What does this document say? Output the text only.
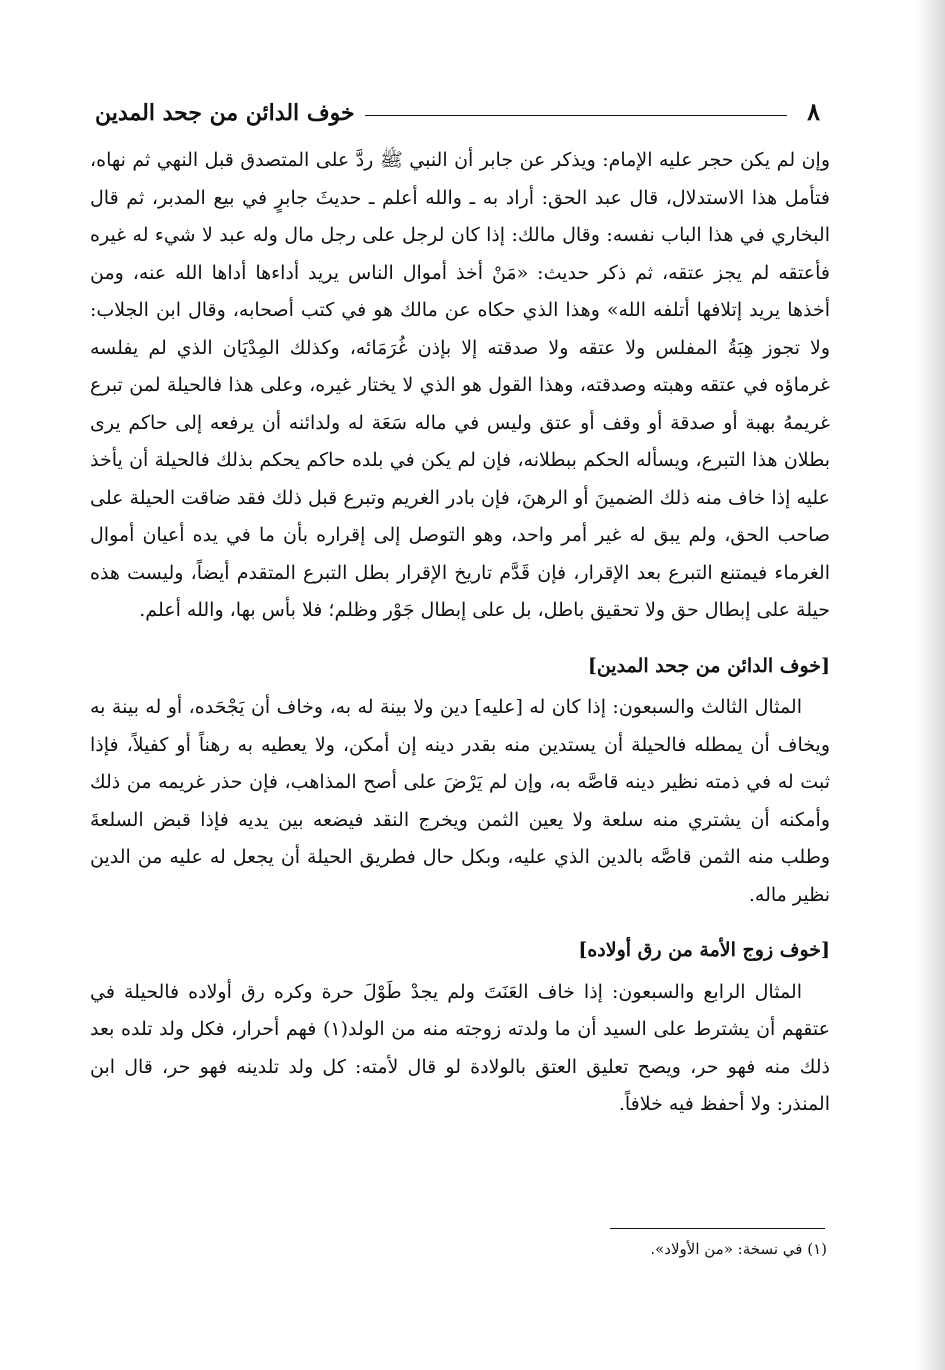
٨
خوف الدائن من جحد المدين

وإن لم يكن حجر عليه الإمام: ويذكر عن جابر أن النبي ﷺ ردَّ على المتصدق قبل النهي ثم نهاه، فتأمل هذا الاستدلال، قال عبد الحق: أراد به ـ والله أعلم ـ حديثَ جابرٍ في بيع المدبر، ثم قال البخاري في هذا الباب نفسه: وقال مالك: إذا كان لرجل على رجل مال وله عبد لا شيء له غيره فأعتقه لم يجز عتقه، ثم ذكر حديث: «مَنْ أخذ أموال الناس يريد أداءها أداها الله عنه، ومن أخذها يريد إتلافها أتلفه الله» وهذا الذي حكاه عن مالك هو في كتب أصحابه، وقال ابن الجلاب: ولا تجوز هِبَةُ المفلس ولا عتقه ولا صدقته إلا بإذن غُرَمَائه، وكذلك المِدْيَان الذي لم يفلسه غرماؤه في عتقه وهبته وصدقته، وهذا القول هو الذي لا يختار غيره، وعلى هذا فالحيلة لمن تبرع غريمهُ بهبة أو صدقة أو وقف أو عتق وليس في ماله سَعَة له ولدائنه أن يرفعه إلى حاكم يرى بطلان هذا التبرع، ويسأله الحكم ببطلانه، فإن لم يكن في بلده حاكم يحكم بذلك فالحيلة أن يأخذ عليه إذا خاف منه ذلك الضمينَ أو الرهنَ، فإن بادر الغريم وتبرع قبل ذلك فقد ضاقت الحيلة على صاحب الحق، ولم يبق له غير أمر واحد، وهو التوصل إلى إقراره بأن ما في يده أعيان أموال الغرماء فيمتنع التبرع بعد الإقرار، فإن قَدَّم تاريخ الإقرار بطل التبرع المتقدم أيضاً، وليست هذه حيلة على إبطال حق ولا تحقيق باطل، بل على إبطال جَوْر وظلم؛ فلا بأس بها، والله أعلم.

[خوف الدائن من جحد المدين]

المثال الثالث والسبعون: إذا كان له [عليه] دين ولا بينة له به، وخاف أن يَجْحَده، أو له بينة به ويخاف أن يمطله فالحيلة أن يستدين منه بقدر دينه إن أمكن، ولا يعطيه به رهناً أو كفيلاً، فإذا ثبت له في ذمته نظير دينه قاصَّه به، وإن لم يَرْضَ على أصح المذاهب، فإن حذر غريمه من ذلك وأمكنه أن يشتري منه سلعة ولا يعين الثمن ويخرج النقد فيضعه بين يديه فإذا قبض السلعةَ وطلب منه الثمن قاصَّه بالدين الذي عليه، وبكل حال فطريق الحيلة أن يجعل له عليه من الدين نظير ماله.

[خوف زوج الأمة من رق أولاده]

المثال الرابع والسبعون: إذا خاف العَنَتَ ولم يجدْ طَوْلَ حرة وكره رق أولاده فالحيلة في عتقهم أن يشترط على السيد أن ما ولدته زوجته منه من الولد(١) فهم أحرار، فكل ولد تلده بعد ذلك منه فهو حر، ويصح تعليق العتق بالولادة لو قال لأمته: كل ولد تلدينه فهو حر، قال ابن المنذر: ولا أحفظ فيه خلافاً.

(١) في نسخة: «من الأولاد».
